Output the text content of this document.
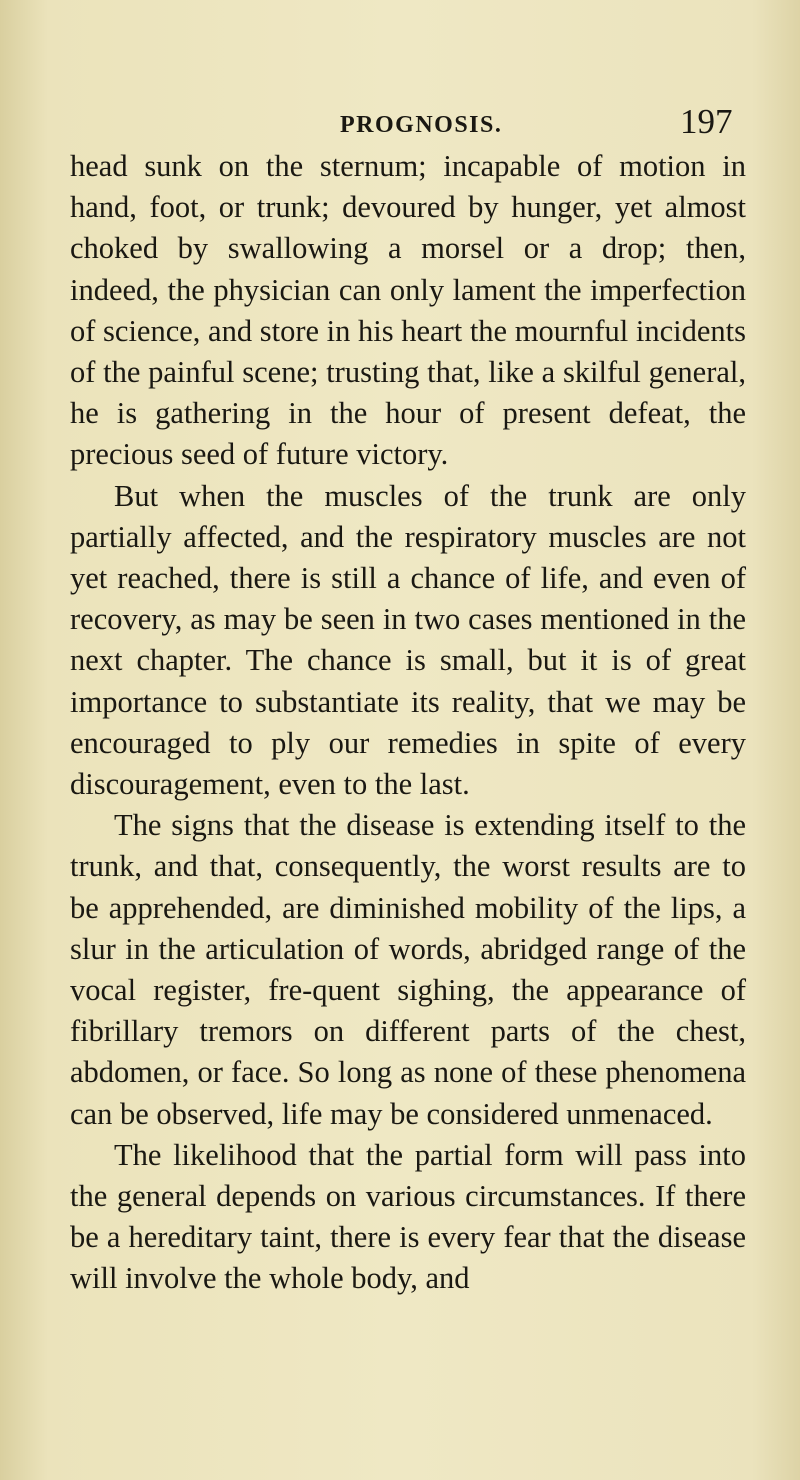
PROGNOSIS.	197

head sunk on the sternum; incapable of motion in hand, foot, or trunk; devoured by hunger, yet almost choked by swallowing a morsel or a drop; then, indeed, the physician can only lament the imperfection of science, and store in his heart the mournful incidents of the painful scene; trusting that, like a skilful general, he is gathering in the hour of present defeat, the precious seed of future victory.

But when the muscles of the trunk are only partially affected, and the respiratory muscles are not yet reached, there is still a chance of life, and even of recovery, as may be seen in two cases mentioned in the next chapter. The chance is small, but it is of great importance to substantiate its reality, that we may be encouraged to ply our remedies in spite of every discouragement, even to the last.

The signs that the disease is extending itself to the trunk, and that, consequently, the worst results are to be apprehended, are diminished mobility of the lips, a slur in the articulation of words, abridged range of the vocal register, fre-quent sighing, the appearance of fibrillary tremors on different parts of the chest, abdomen, or face. So long as none of these phenomena can be observed, life may be considered unmenaced.

The likelihood that the partial form will pass into the general depends on various circumstances. If there be a hereditary taint, there is every fear that the disease will involve the whole body, and
